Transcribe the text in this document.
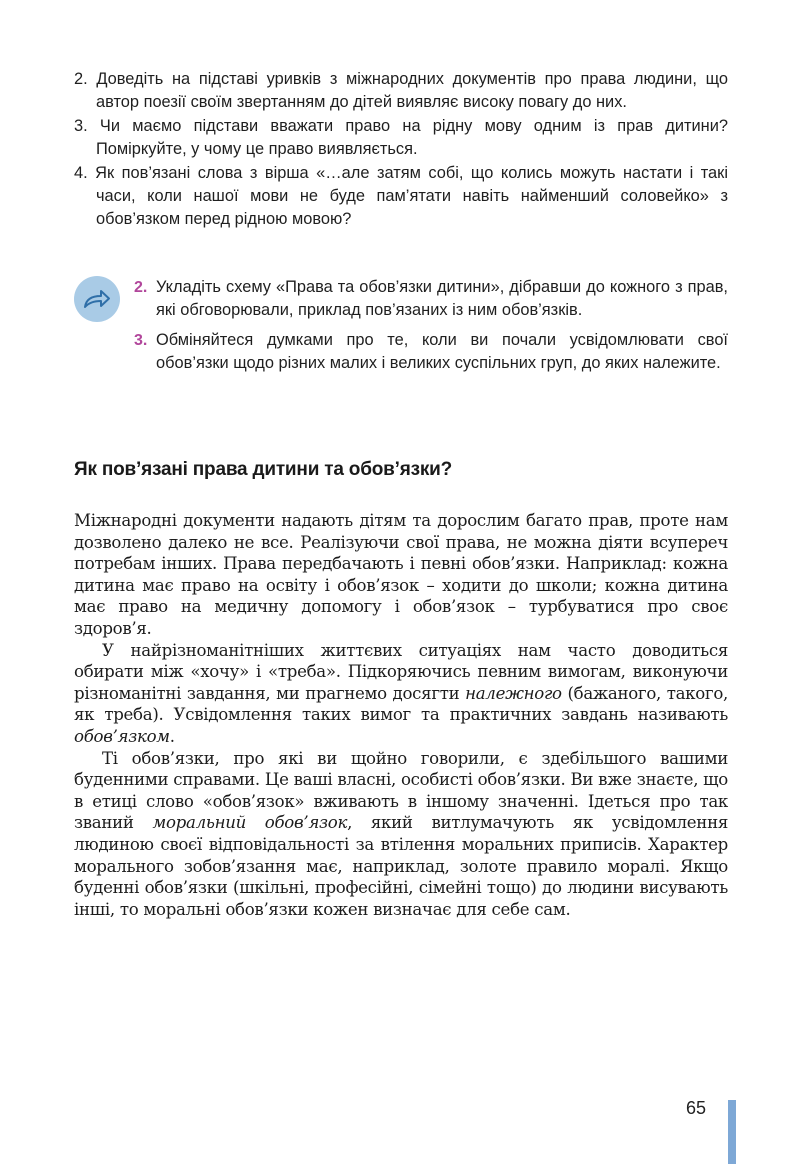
2. Доведіть на підставі уривків з міжнародних документів про права людини, що автор поезії своїм звертанням до дітей виявляє високу повагу до них.
3. Чи маємо підстави вважати право на рідну мову одним із прав дитини? Поміркуйте, у чому це право виявляється.
4. Як пов’язані слова з вірша «…але затям собі, що колись можуть настати і такі часи, коли нашої мови не буде пам’ятати навіть найменший соловейко» з обов’язком перед рідною мовою?
2. Укладіть схему «Права та обов’язки дитини», дібравши до кожного з прав, які обговорювали, приклад пов’язаних із ним обов’язків.
3. Обміняйтеся думками про те, коли ви почали усвідомлювати свої обов’язки щодо різних малих і великих суспільних груп, до яких належите.
Як пов’язані права дитини та обов’язки?

Міжнародні документи надають дітям та дорослим багато прав, проте нам дозволено далеко не все. Реалізуючи свої права, не можна діяти всупереч потребам інших. Права передбачають і певні обов’язки. Наприклад: кожна дитина має право на освіту і обов’язок – ходити до школи; кожна дитина має право на медичну допомогу і обов’язок – турбуватися про своє здоров’я.

У найрізноманітніших життєвих ситуаціях нам часто доводиться обирати між «хочу» і «треба». Підкоряючись певним вимогам, виконуючи різноманітні завдання, ми прагнемо досягти належного (бажаного, такого, як треба). Усвідомлення таких вимог та практичних завдань називають обов’язком.

Ті обов’язки, про які ви щойно говорили, є здебільшого вашими буденними справами. Це ваші власні, особисті обов’язки. Ви вже знаєте, що в етиці слово «обов’язок» вживають в іншому значенні. Ідеться про так званий моральний обов’язок, який витлумачують як усвідомлення людиною своєї відповідальності за втілення моральних приписів. Характер морального зобов’язання має, наприклад, золоте правило моралі. Якщо буденні обов’язки (шкільні, професійні, сімейні тощо) до людини висувають інші, то моральні обов’язки кожен визначає для себе сам.

65
